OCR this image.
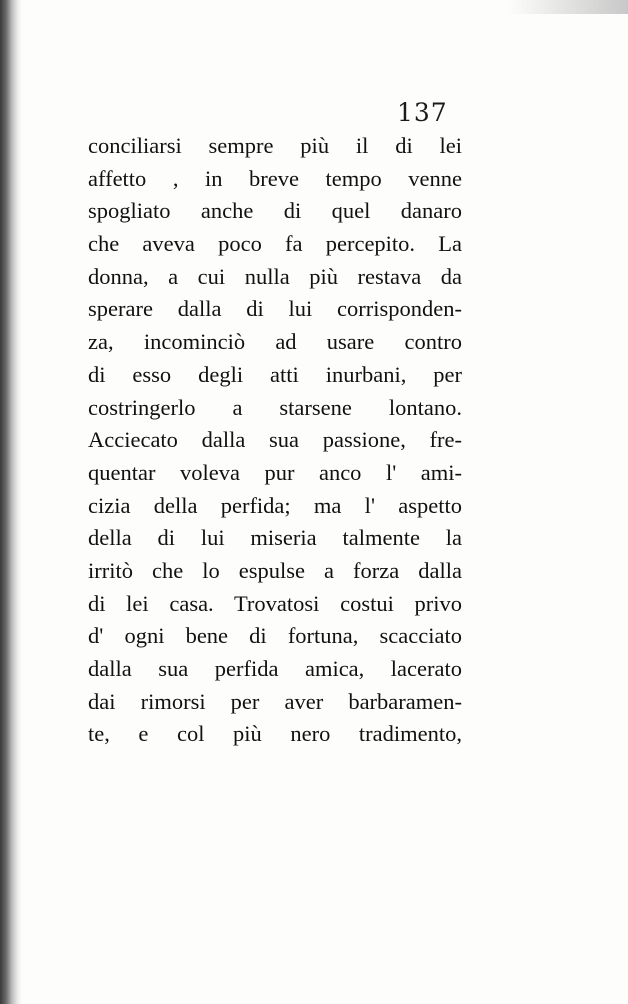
137
conciliarsi sempre più il di lei
affetto , in breve tempo venne
spogliato anche di quel danaro
che aveva poco fa percepito. La
donna, a cui nulla più restava da
sperare dalla di lui corrisponden-
za, incominciò ad usare contro
di esso degli atti inurbani, per
costringerlo a starsene lontano.
Acciecato dalla sua passione, fre-
quentar voleva pur anco l' ami-
cizia della perfida; ma l' aspetto
della di lui miseria talmente la
irritò che lo espulse a forza dalla
di lei casa. Trovatosi costui privo
d' ogni bene di fortuna, scacciato
dalla sua perfida amica, lacerato
dai rimorsi per aver barbaramen-
te, e col più nero tradimento,
